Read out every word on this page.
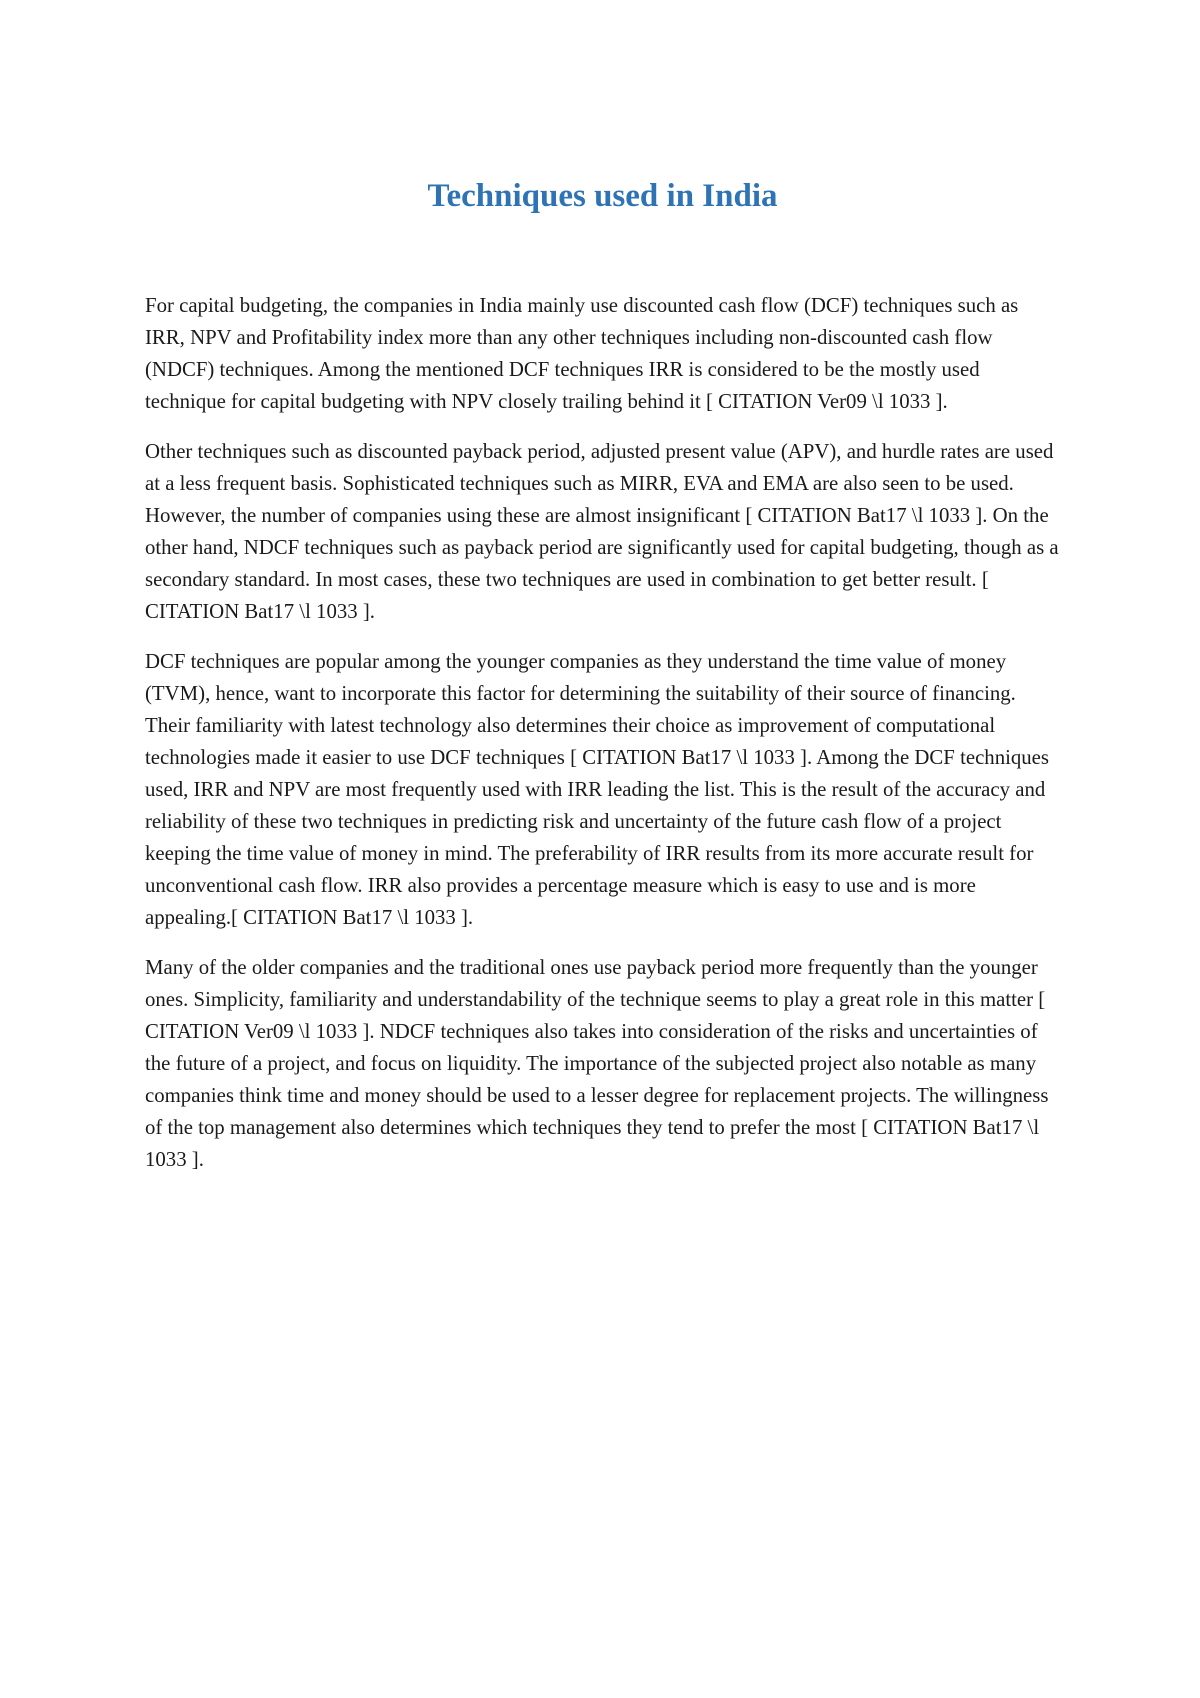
Techniques used in India

For capital budgeting, the companies in India mainly use discounted cash flow (DCF) techniques such as IRR, NPV and Profitability index more than any other techniques including non-discounted cash flow (NDCF) techniques. Among the mentioned DCF techniques IRR is considered to be the mostly used technique for capital budgeting with NPV closely trailing behind it [ CITATION Ver09 \l 1033 ].

Other techniques such as discounted payback period, adjusted present value (APV), and hurdle rates are used at a less frequent basis. Sophisticated techniques such as MIRR, EVA and EMA are also seen to be used. However, the number of companies using these are almost insignificant [ CITATION Bat17 \l 1033 ]. On the other hand, NDCF techniques such as payback period are significantly used for capital budgeting, though as a secondary standard. In most cases, these two techniques are used in combination to get better result. [ CITATION Bat17 \l 1033 ].

DCF techniques are popular among the younger companies as they understand the time value of money (TVM), hence, want to incorporate this factor for determining the suitability of their source of financing. Their familiarity with latest technology also determines their choice as improvement of computational technologies made it easier to use DCF techniques [ CITATION Bat17 \l 1033 ]. Among the DCF techniques used, IRR and NPV are most frequently used with IRR leading the list. This is the result of the accuracy and reliability of these two techniques in predicting risk and uncertainty of the future cash flow of a project keeping the time value of money in mind. The preferability of IRR results from its more accurate result for unconventional cash flow. IRR also provides a percentage measure which is easy to use and is more appealing.[ CITATION Bat17 \l 1033 ].

Many of the older companies and the traditional ones use payback period more frequently than the younger ones. Simplicity, familiarity and understandability of the technique seems to play a great role in this matter [ CITATION Ver09 \l 1033 ]. NDCF techniques also takes into consideration of the risks and uncertainties of the future of a project, and focus on liquidity. The importance of the subjected project also notable as many companies think time and money should be used to a lesser degree for replacement projects. The willingness of the top management also determines which techniques they tend to prefer the most [ CITATION Bat17 \l 1033 ].
